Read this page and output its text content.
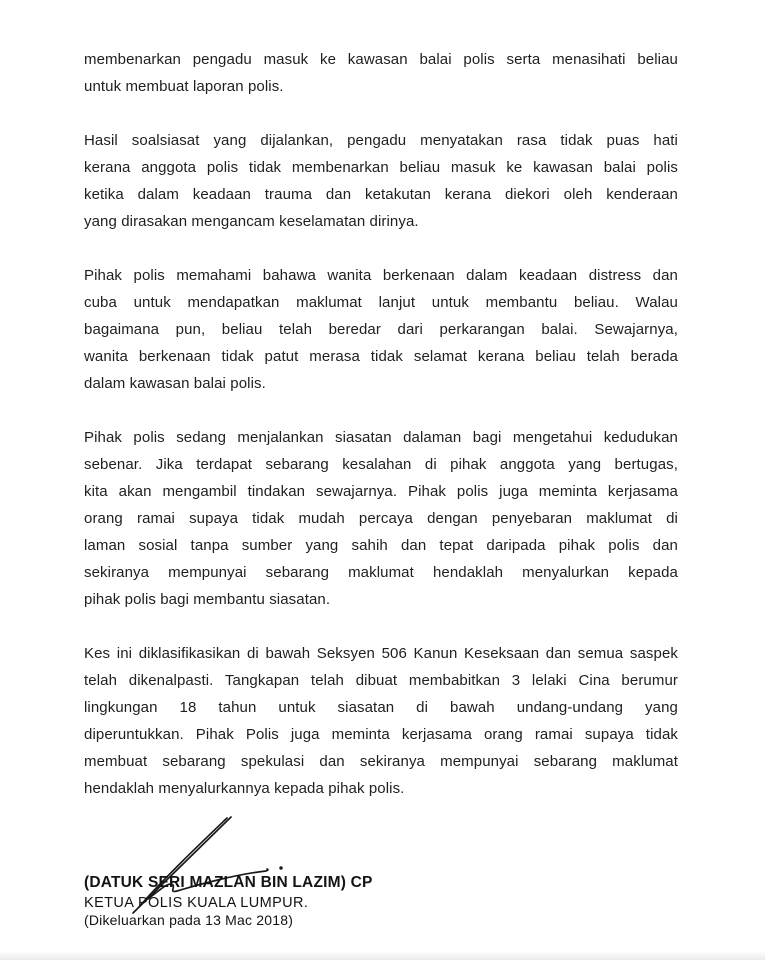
membenarkan pengadu masuk ke kawasan balai polis serta menasihati beliau
untuk membuat laporan polis.
Hasil soalsiasat yang dijalankan, pengadu menyatakan rasa tidak puas hati
kerana anggota polis tidak membenarkan beliau masuk ke kawasan balai polis
ketika dalam keadaan trauma dan ketakutan kerana diekori oleh kenderaan
yang dirasakan mengancam keselamatan dirinya.
Pihak polis memahami bahawa wanita berkenaan dalam keadaan distress dan
cuba untuk mendapatkan maklumat lanjut untuk membantu beliau. Walau
bagaimana pun, beliau telah beredar dari perkarangan balai. Sewajarnya,
wanita berkenaan tidak patut merasa tidak selamat kerana beliau telah berada
dalam kawasan balai polis.
Pihak polis sedang menjalankan siasatan dalaman bagi mengetahui kedudukan
sebenar. Jika terdapat sebarang kesalahan di pihak anggota yang bertugas,
kita akan mengambil tindakan sewajarnya. Pihak polis juga meminta kerjasama
orang ramai supaya tidak mudah percaya dengan penyebaran maklumat di
laman sosial tanpa sumber yang sahih dan tepat daripada pihak polis dan
sekiranya mempunyai sebarang maklumat hendaklah menyalurkan kepada
pihak polis bagi membantu siasatan.
Kes ini diklasifikasikan di bawah Seksyen 506 Kanun Keseksaan dan semua saspek
telah dikenalpasti. Tangkapan telah dibuat membabitkan 3 lelaki Cina berumur
lingkungan 18 tahun untuk siasatan di bawah undang-undang yang
diperuntukkan. Pihak Polis juga meminta kerjasama orang ramai supaya tidak
membuat sebarang spekulasi dan sekiranya mempunyai sebarang maklumat
hendaklah menyalurkannya kepada pihak polis.
(DATUK SERI MAZLAN BIN LAZIM) CP
KETUA POLIS KUALA LUMPUR.
(Dikeluarkan pada 13 Mac 2018)
